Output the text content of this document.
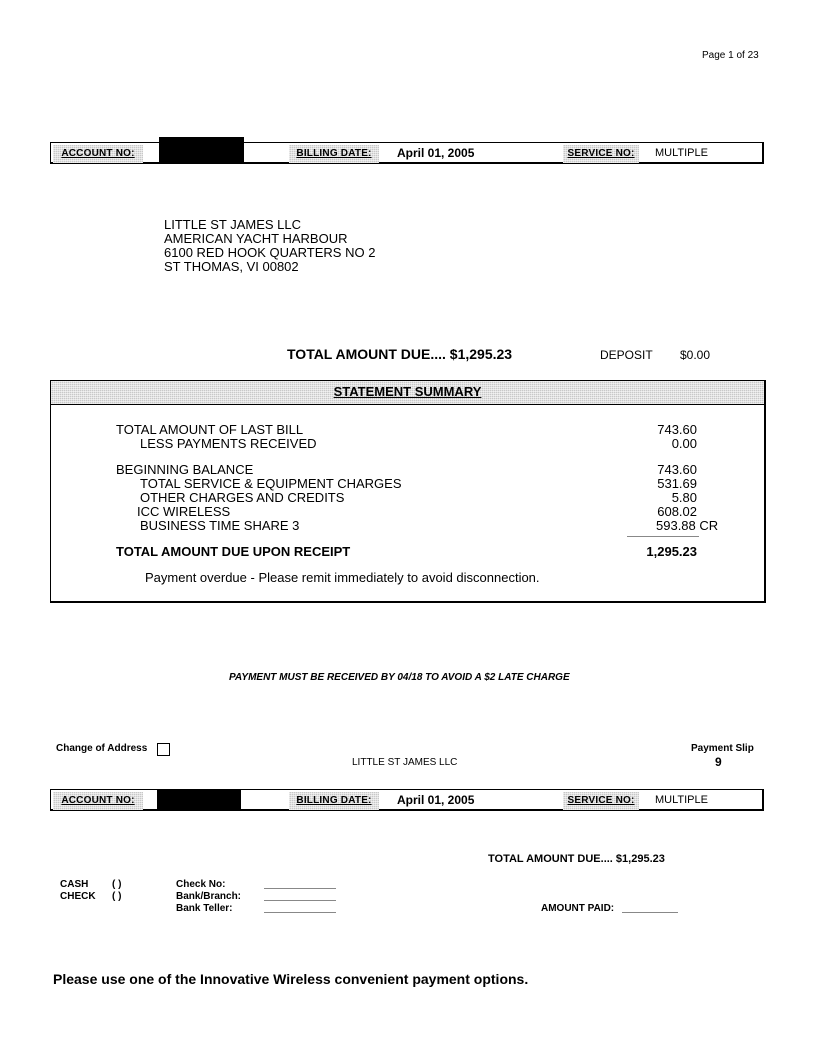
Page 1 of 23
ACCOUNT NO:	BILLING DATE:	April 01, 2005	SERVICE NO:	MULTIPLE
LITTLE ST JAMES LLC
AMERICAN YACHT HARBOUR
6100 RED HOOK QUARTERS NO 2
ST THOMAS, VI 00802
TOTAL AMOUNT DUE.... $1,295.23	DEPOSIT $0.00
STATEMENT SUMMARY
TOTAL AMOUNT OF LAST BILL	743.60
LESS PAYMENTS RECEIVED	0.00
BEGINNING BALANCE	743.60
TOTAL SERVICE & EQUIPMENT CHARGES	531.69
OTHER CHARGES AND CREDITS	5.80
ICC WIRELESS	608.02
BUSINESS TIME SHARE 3	593.88 CR
TOTAL AMOUNT DUE UPON RECEIPT	1,295.23
Payment overdue - Please remit immediately to avoid disconnection.
PAYMENT MUST BE RECEIVED BY 04/18 TO AVOID A $2 LATE CHARGE
Change of Address	Payment Slip
9
LITTLE ST JAMES LLC
ACCOUNT NO:	BILLING DATE:	April 01, 2005	SERVICE NO:	MULTIPLE
TOTAL AMOUNT DUE.... $1,295.23
CASH ( )
CHECK ( )
Check No:
Bank/Branch:
Bank Teller:	AMOUNT PAID:
Please use one of the Innovative Wireless convenient payment options.
